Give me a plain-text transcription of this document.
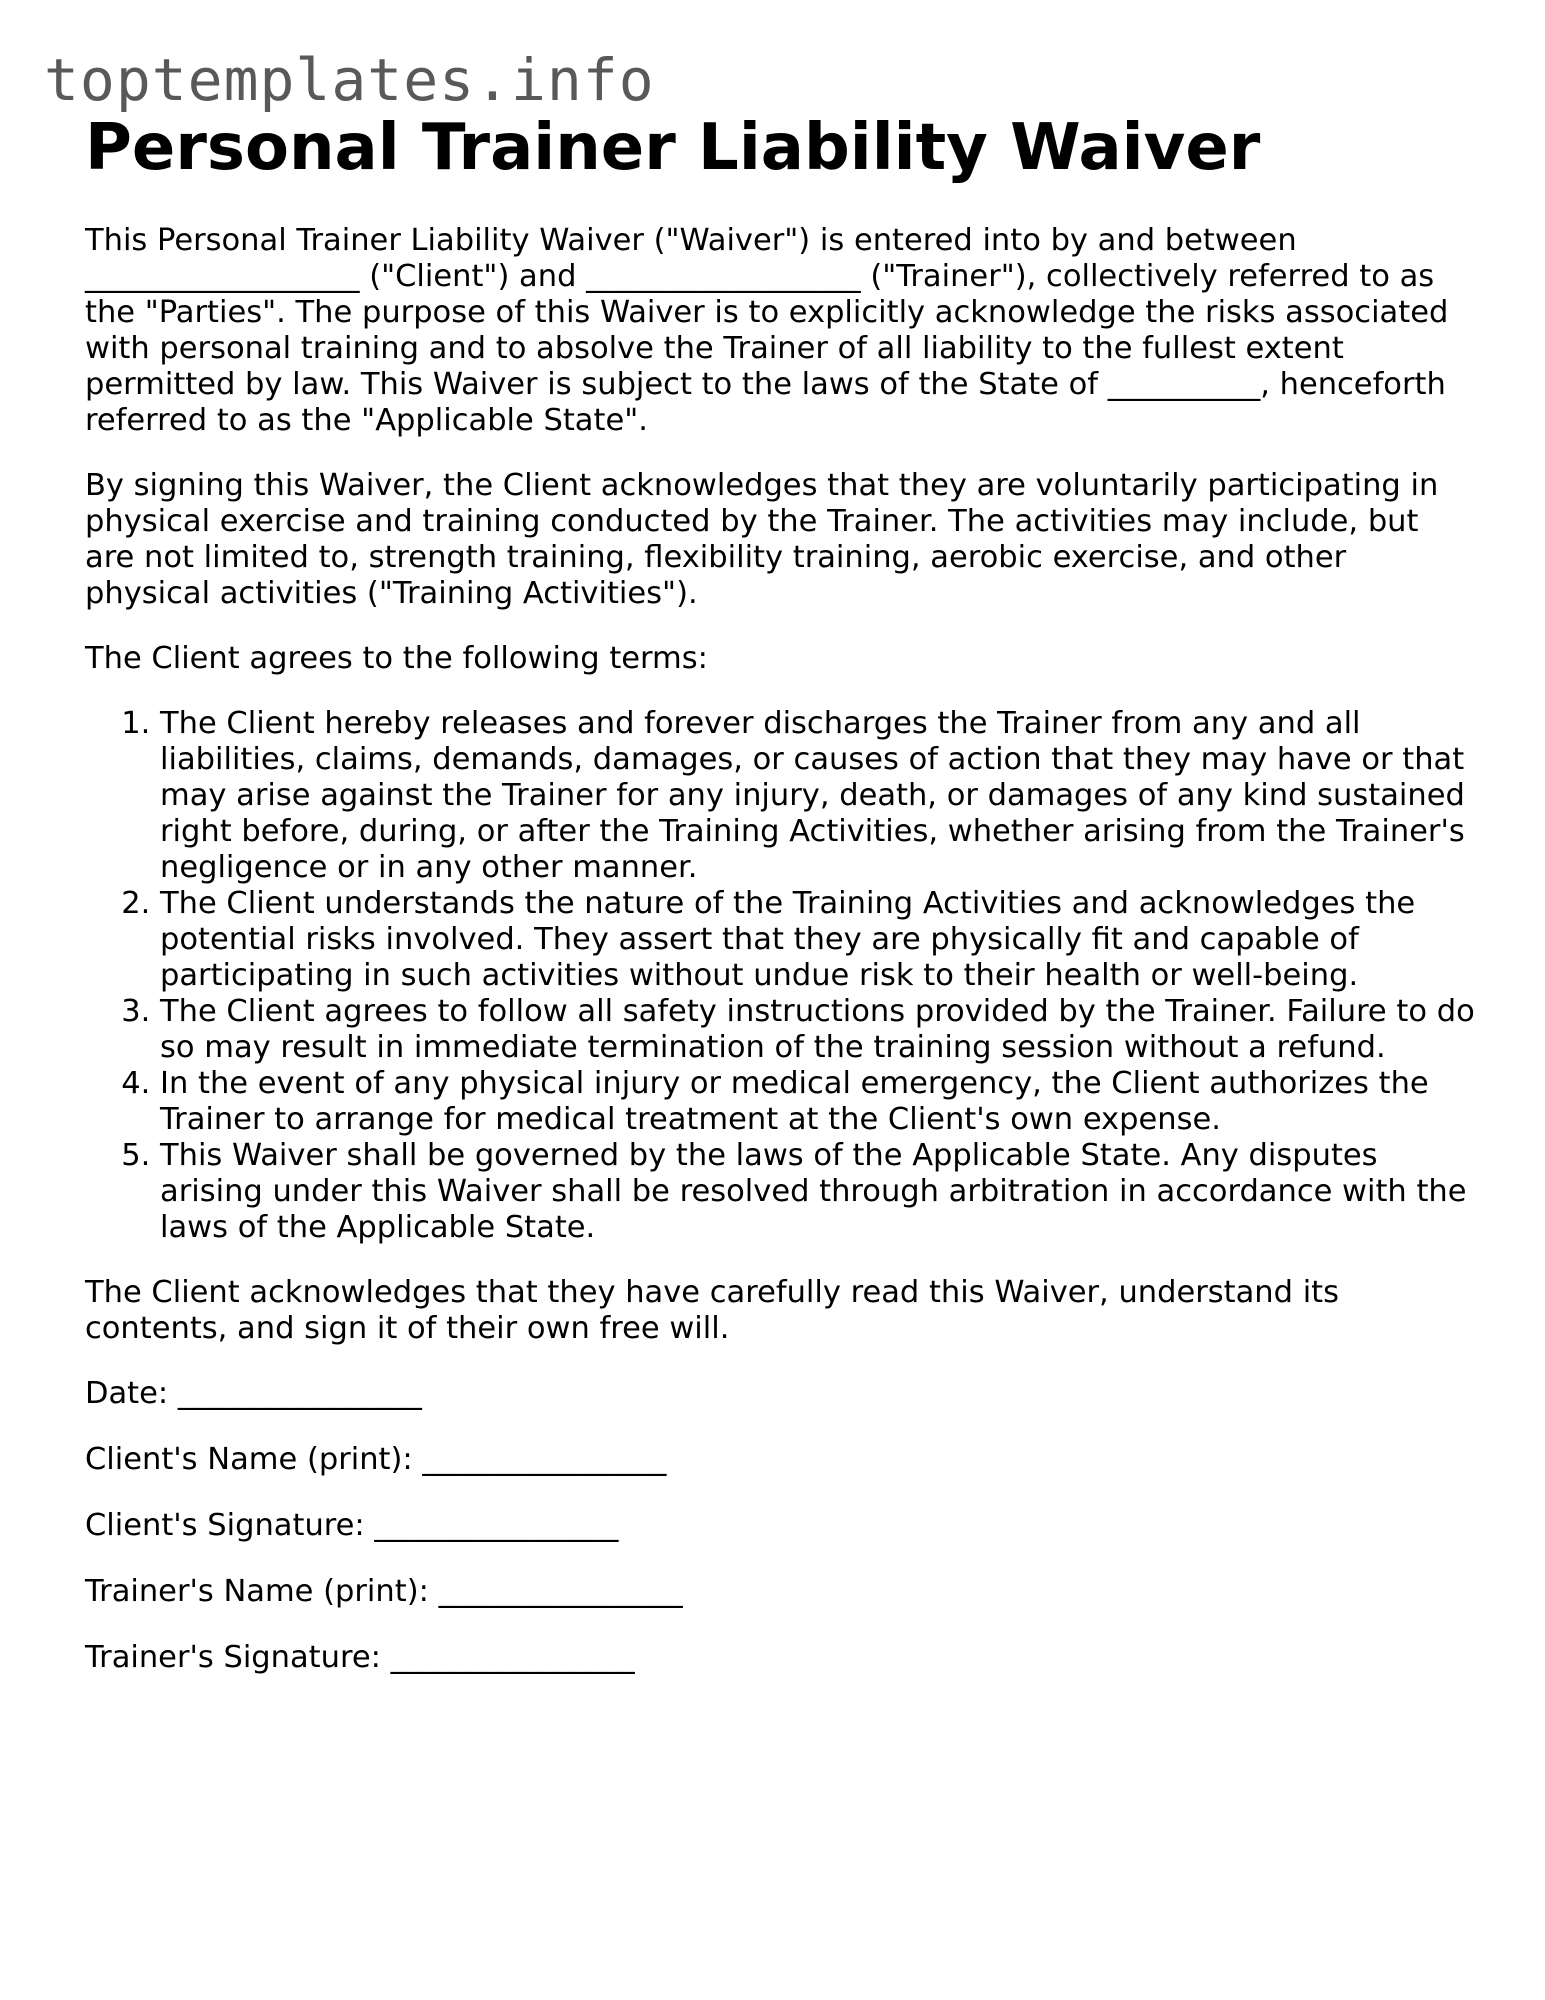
toptemplates.info
Personal Trainer Liability Waiver

This Personal Trainer Liability Waiver ("Waiver") is entered into by and between __________________ ("Client") and __________________ ("Trainer"), collectively referred to as the "Parties". The purpose of this Waiver is to explicitly acknowledge the risks associated with personal training and to absolve the Trainer of all liability to the fullest extent permitted by law. This Waiver is subject to the laws of the State of __________, henceforth referred to as the "Applicable State".

By signing this Waiver, the Client acknowledges that they are voluntarily participating in physical exercise and training conducted by the Trainer. The activities may include, but are not limited to, strength training, flexibility training, aerobic exercise, and other physical activities ("Training Activities").

The Client agrees to the following terms:

1. The Client hereby releases and forever discharges the Trainer from any and all liabilities, claims, demands, damages, or causes of action that they may have or that may arise against the Trainer for any injury, death, or damages of any kind sustained right before, during, or after the Training Activities, whether arising from the Trainer's negligence or in any other manner.
2. The Client understands the nature of the Training Activities and acknowledges the potential risks involved. They assert that they are physically fit and capable of participating in such activities without undue risk to their health or well-being.
3. The Client agrees to follow all safety instructions provided by the Trainer. Failure to do so may result in immediate termination of the training session without a refund.
4. In the event of any physical injury or medical emergency, the Client authorizes the Trainer to arrange for medical treatment at the Client's own expense.
5. This Waiver shall be governed by the laws of the Applicable State. Any disputes arising under this Waiver shall be resolved through arbitration in accordance with the laws of the Applicable State.

The Client acknowledges that they have carefully read this Waiver, understand its contents, and sign it of their own free will.

Date: ________________

Client's Name (print): ________________

Client's Signature: ________________

Trainer's Name (print): ________________

Trainer's Signature: ________________
